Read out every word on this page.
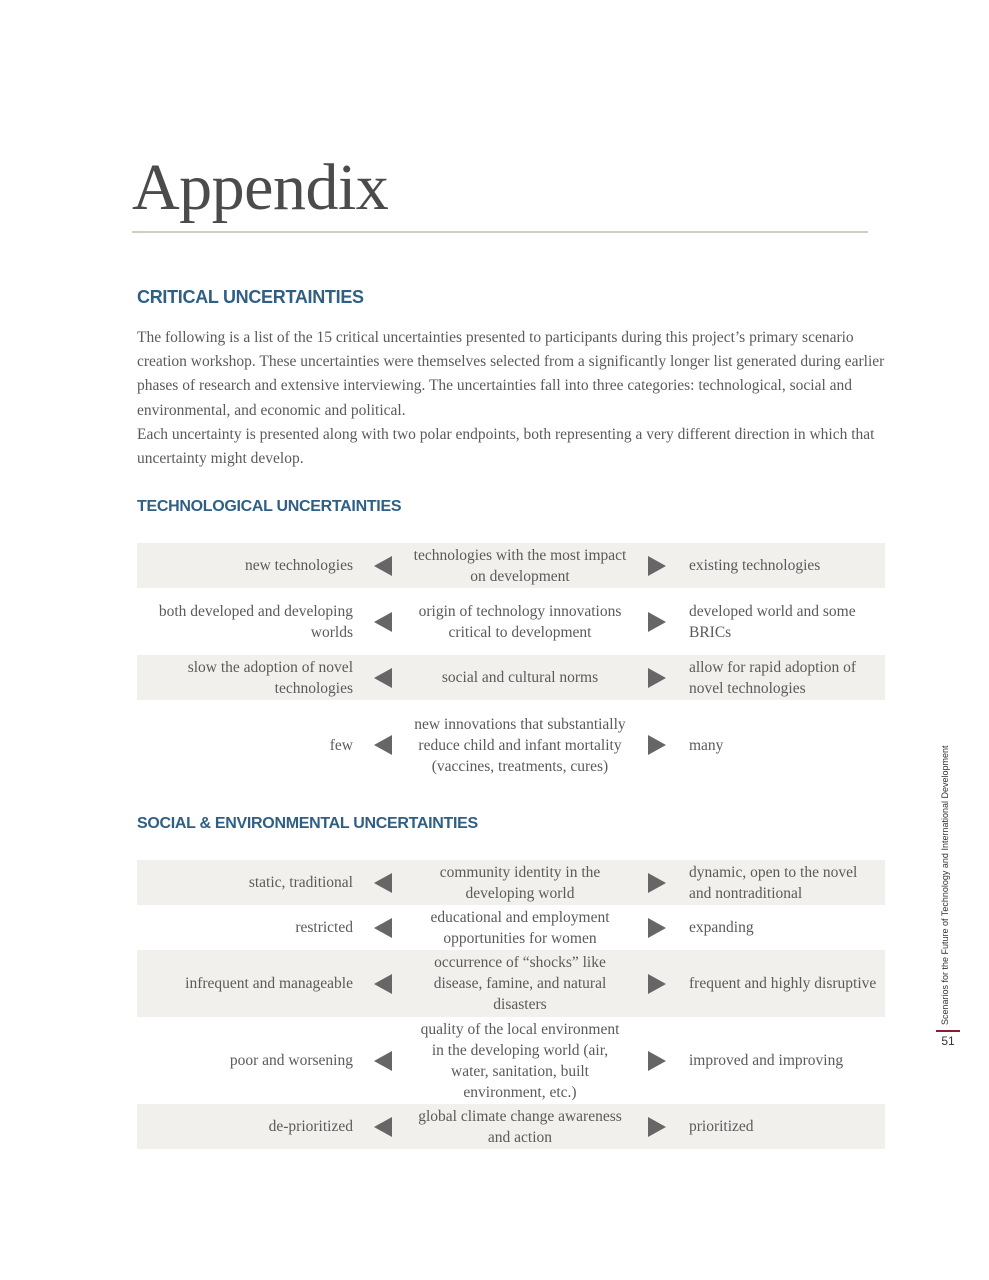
Appendix
CRITICAL UNCERTAINTIES

The following is a list of the 15 critical uncertainties presented to participants during this project’s primary scenario creation workshop. These uncertainties were themselves selected from a significantly longer list generated during earlier phases of research and extensive interviewing. The uncertainties fall into three categories: technological, social and environmental, and economic and political.

Each uncertainty is presented along with two polar endpoints, both representing a very different direction in which that uncertainty might develop.

TECHNOLOGICAL UNCERTAINTIES
new technologies
technologies with the most impact on development
existing technologies
both developed and developing worlds
origin of technology innovations critical to development
developed world and some BRICs
slow the adoption of novel technologies
social and cultural norms
allow for rapid adoption of novel technologies
few
new innovations that substantially reduce child and infant mortality (vaccines, treatments, cures)
many
SOCIAL & ENVIRONMENTAL UNCERTAINTIES
static, traditional
community identity in the developing world
dynamic, open to the novel and nontraditional
restricted
educational and employment opportunities for women
expanding
infrequent and manageable
occurrence of “shocks” like disease, famine, and natural disasters
frequent and highly disruptive
poor and worsening
quality of the local environment in the developing world (air, water, sanitation, built environment, etc.)
improved and improving
de-prioritized
global climate change awareness and action
prioritized
Scenarios for the Future of Technology and International Development
51
